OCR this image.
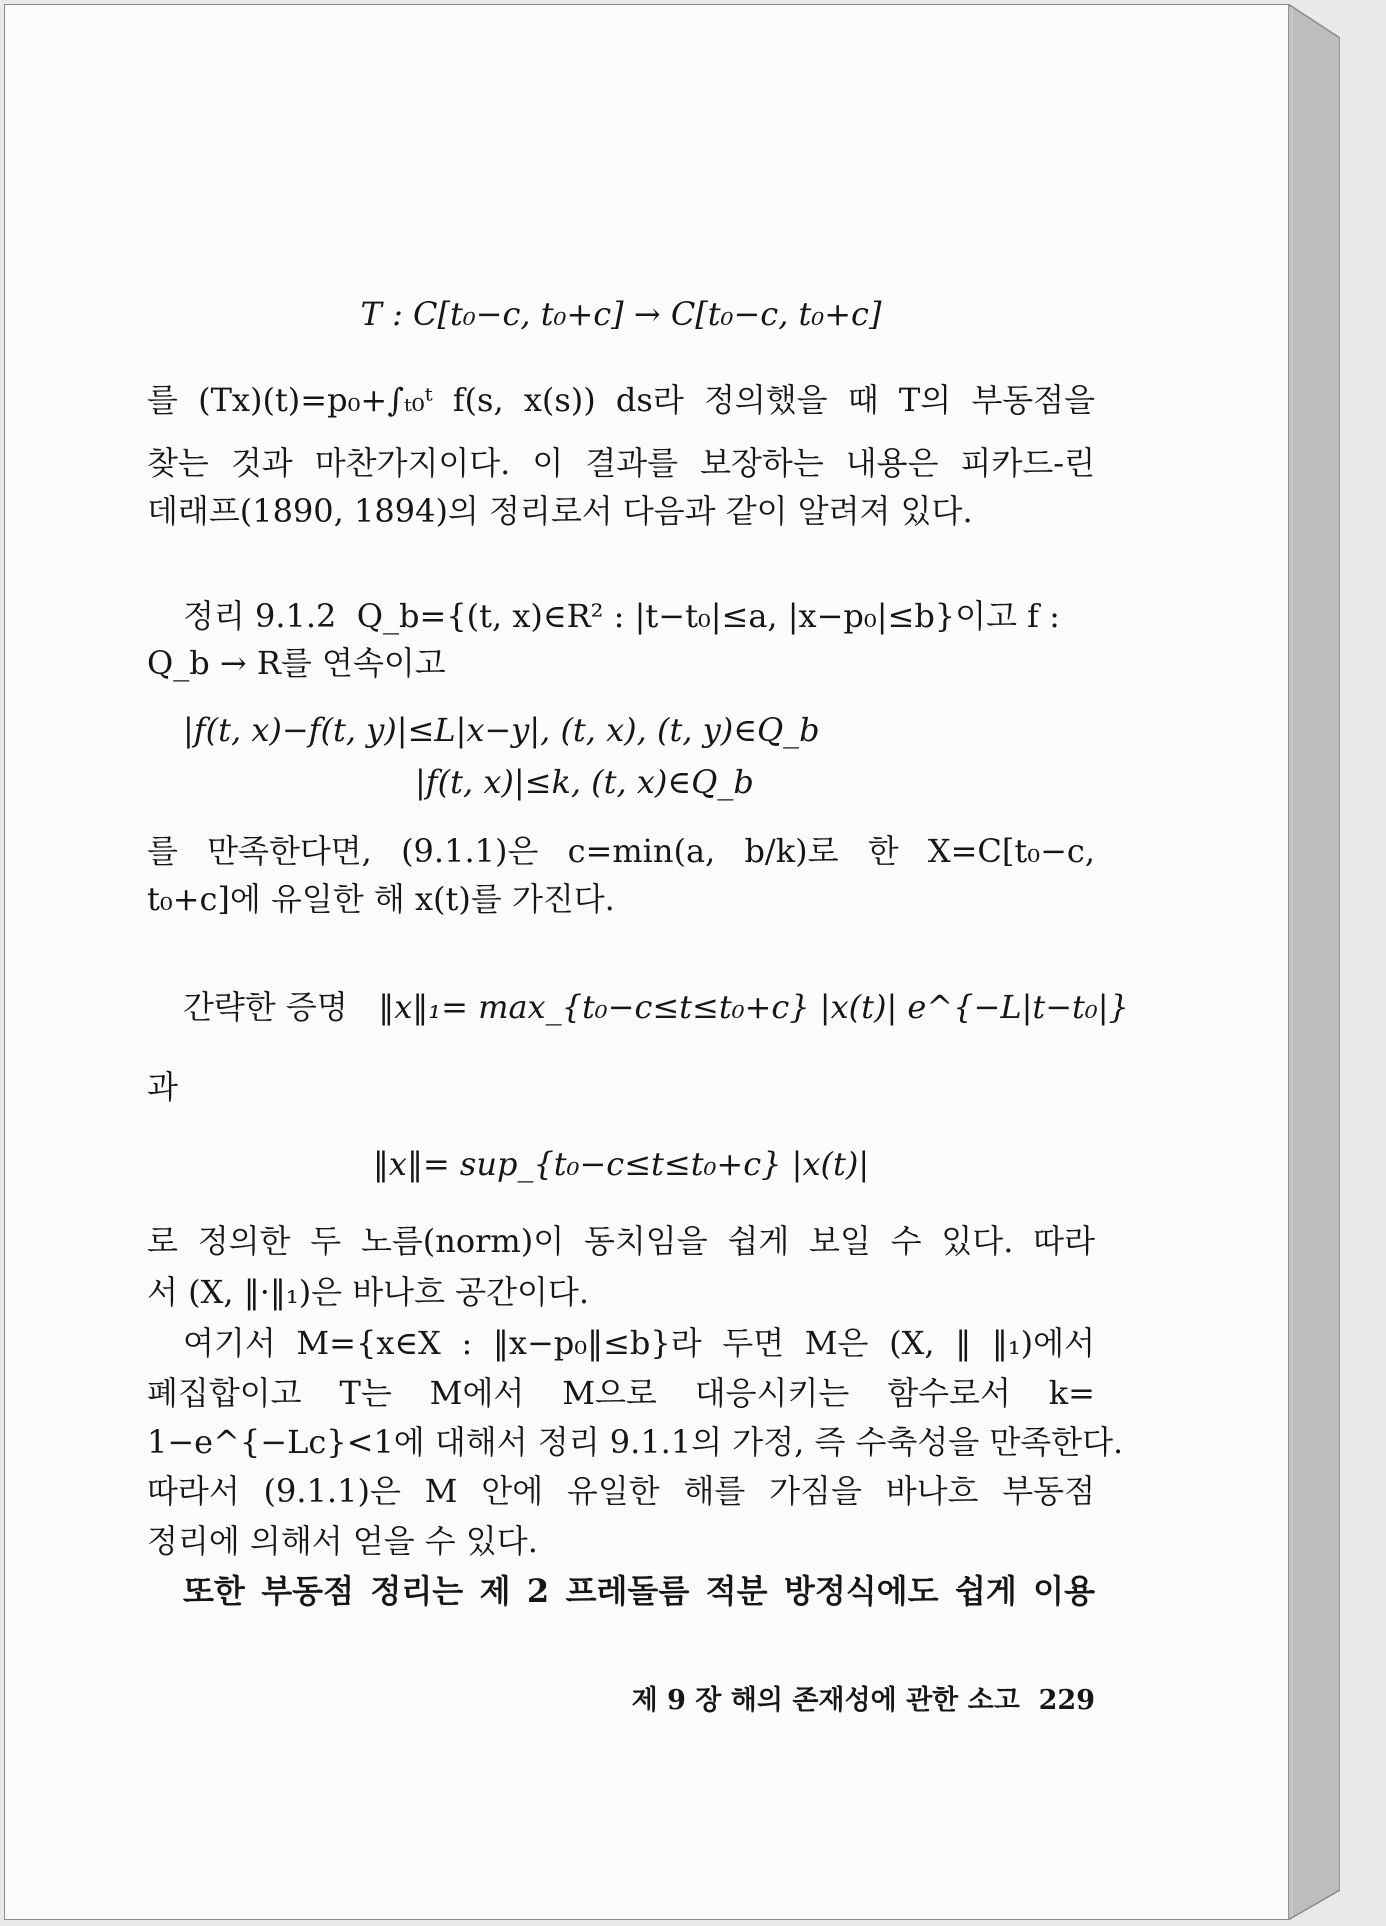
T : C[t₀−c, t₀+c] → C[t₀−c, t₀+c]
를 (Tx)(t)=p₀+∫ₜ₀ᵗ f(s, x(s)) ds라 정의했을 때 T의 부동점을
찾는 것과 마찬가지이다. 이 결과를 보장하는 내용은 피카드-린
데래프(1890, 1894)의 정리로서 다음과 같이 알려져 있다.
정리 9.1.2 Q_b={(t, x)∈R² : |t−t₀|≤a, |x−p₀|≤b}이고 f :
Q_b → R를 연속이고
|f(t, x)−f(t, y)|≤L|x−y|, (t, x), (t, y)∈Q_b
|f(t, x)|≤k, (t, x)∈Q_b
를 만족한다면, (9.1.1)은 c=min(a, b/k)로 한 X=C[t₀−c,
t₀+c]에 유일한 해 x(t)를 가진다.
간략한 증명 ‖x‖₁= max_{t₀−c≤t≤t₀+c} |x(t)| e^{−L|t−t₀|}
과
‖x‖= sup_{t₀−c≤t≤t₀+c} |x(t)|
로 정의한 두 노름(norm)이 동치임을 쉽게 보일 수 있다. 따라
서 (X, ‖·‖₁)은 바나흐 공간이다.
여기서 M={x∈X : ‖x−p₀‖≤b}라 두면 M은 (X, ‖ ‖₁)에서
폐집합이고 T는 M에서 M으로 대응시키는 함수로서 k=
1−e^{−Lc}<1에 대해서 정리 9.1.1의 가정, 즉 수축성을 만족한다.
따라서 (9.1.1)은 M 안에 유일한 해를 가짐을 바나흐 부동점
정리에 의해서 얻을 수 있다.
또한 부동점 정리는 제 2 프레돌름 적분 방정식에도 쉽게 이용
제 9 장 해의 존재성에 관한 소고 229
